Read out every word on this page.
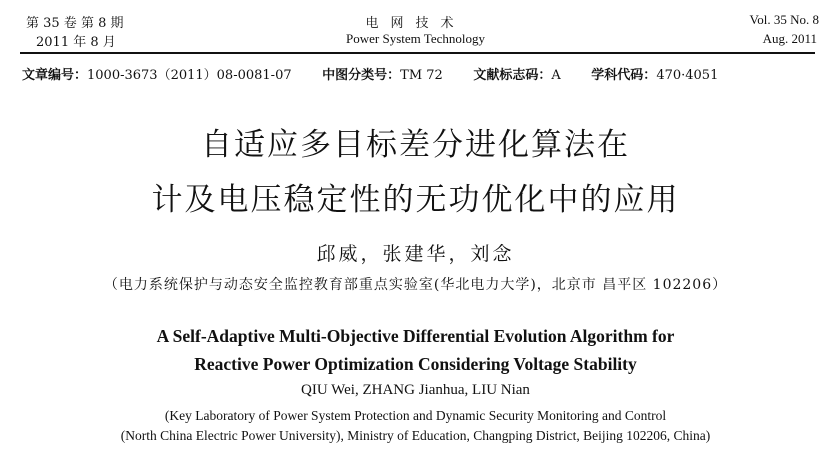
第 35 卷 第 8 期
2011 年 8 月
电网技术
Power System Technology
Vol. 35 No. 8
Aug. 2011
文章编号：1000-3673（2011）08-0081-07 中图分类号：TM 72 文献标志码：A 学科代码：470·4051
自适应多目标差分进化算法在
计及电压稳定性的无功优化中的应用
邱威，张建华，刘念
（电力系统保护与动态安全监控教育部重点实验室(华北电力大学)，北京市 昌平区 102206）
A Self-Adaptive Multi-Objective Differential Evolution Algorithm for
Reactive Power Optimization Considering Voltage Stability
QIU Wei, ZHANG Jianhua, LIU Nian
(Key Laboratory of Power System Protection and Dynamic Security Monitoring and Control
(North China Electric Power University), Ministry of Education, Changping District, Beijing 102206, China)
